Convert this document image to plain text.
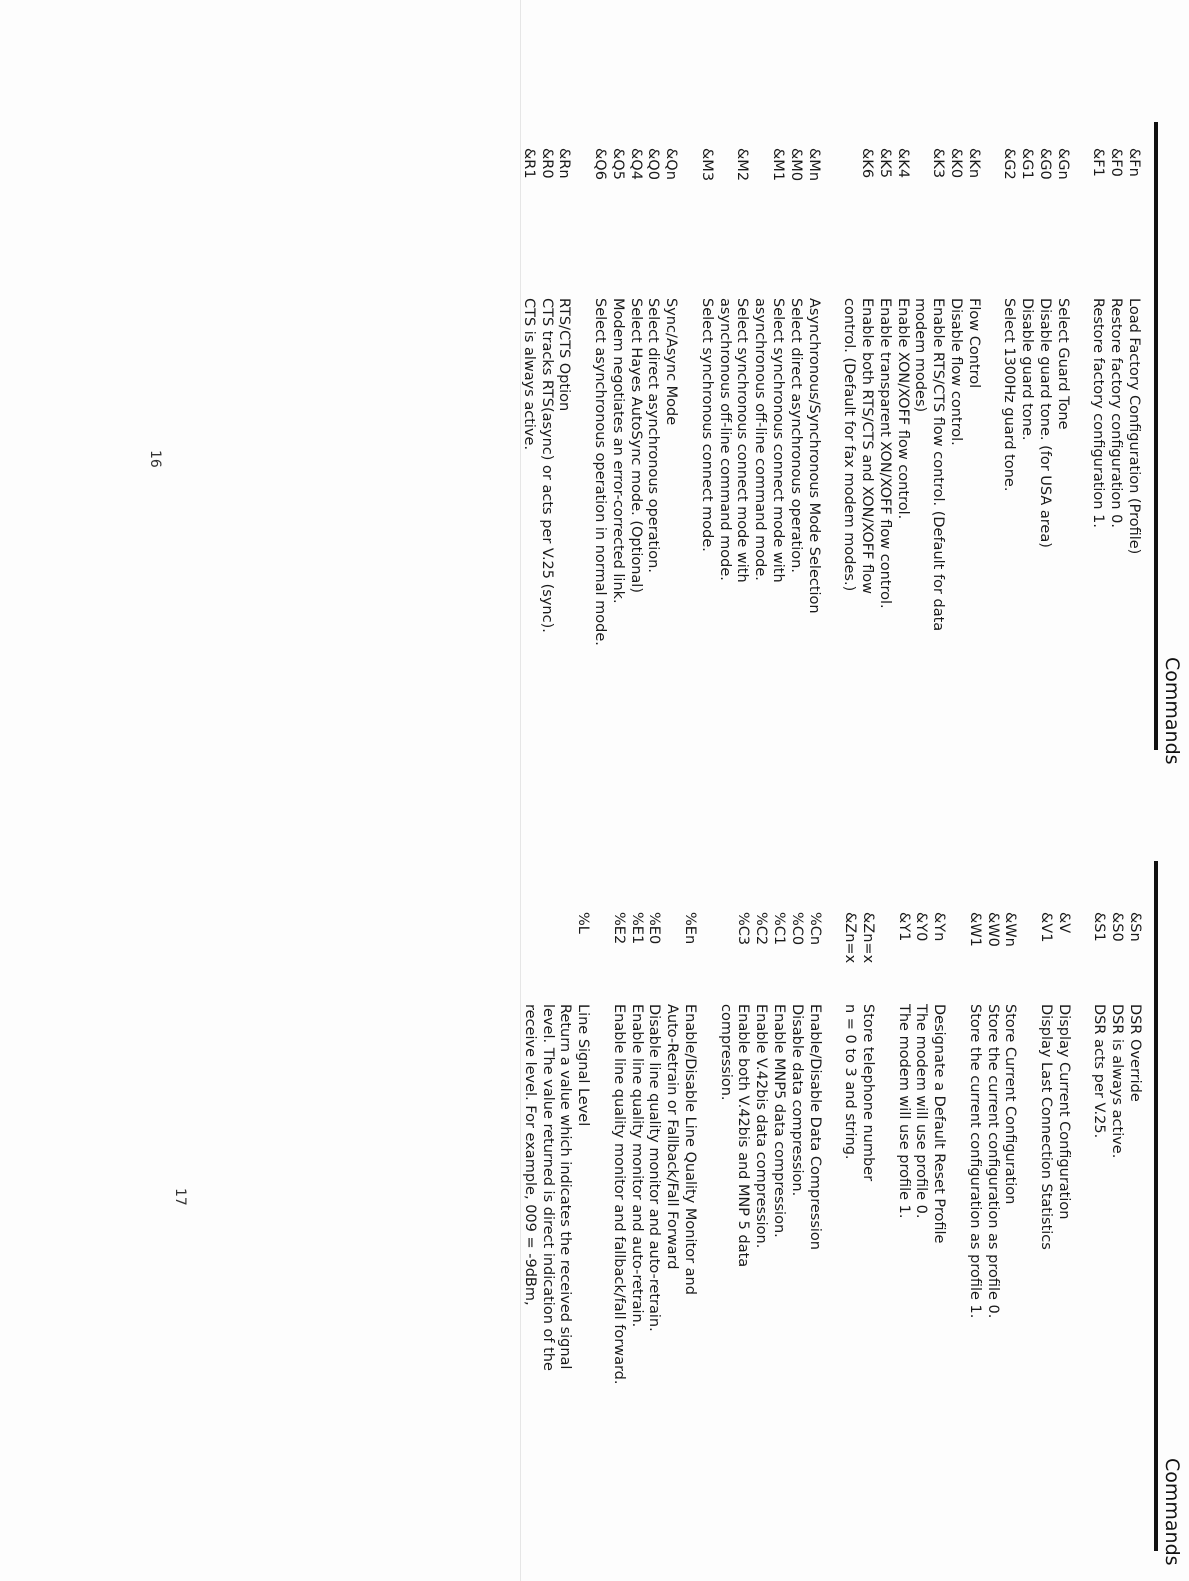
Commands
&Fn
Load Factory Configuration (Profile)
&F0
Restore factory configuration 0.
&F1
Restore factory configuration 1.
&Gn
Select Guard Tone
&G0
Disable guard tone. (for USA area)
&G1
Disable guard tone.
&G2
Select 1300Hz guard tone.
&Kn
Flow Control
&K0
Disable flow control.
&K3
Enable RTS/CTS flow control. (Default for data
modem modes)
&K4
Enable XON/XOFF flow control.
&K5
Enable transparent XON/XOFF flow control.
&K6
Enable both RTS/CTS and XON/XOFF flow
control. (Default for fax modem modes.)
&Mn
Asynchronous/Synchronous Mode Selection
&M0
Select direct asynchronous operation.
&M1
Select synchronous connect mode with
asynchronous off-line command mode.
&M2
Select synchronous connect mode with
asynchronous off-line command mode.
&M3
Select synchronous connect mode.
&Qn
Sync/Async Mode
&Q0
Select direct asynchronous operation.
&Q4
Select Hayes AutoSync mode. (Optional)
&Q5
Modem negotiates an error-corrected link.
&Q6
Select asynchronous operation in normal mode.
&Rn
RTS/CTS Option
&R0
CTS tracks RTS(async) or acts per V.25 (sync).
&R1
CTS is always active.
16
Commands
&Sn
DSR Override
&S0
DSR is always active.
&S1
DSR acts per V.25.
&V
Display Current Configuration
&V1
Display Last Connection Statistics
&Wn
Store Current Configuration
&W0
Store the current configuration as profile 0.
&W1
Store the current configuration as profile 1.
&Yn
Designate a Default Reset Profile
&Y0
The modem will use profile 0.
&Y1
The modem will use profile 1.
&Zn=x
Store telephone number
&Zn=x
n = 0 to 3 and string.
%Cn
Enable/Disable Data Compression
%C0
Disable data compression.
%C1
Enable MNP5 data compression.
%C2
Enable V.42bis data compression.
%C3
Enable both V.42bis and MNP 5 data
compression.
%En
Enable/Disable Line Quality Monitor and
Auto-Retrain or Fallback/Fall Forward
%E0
Disable line quality monitor and auto-retrain.
%E1
Enable line quality monitor and auto-retrain.
%E2
Enable line quality monitor and fallback/fall forward.
%L
Line Signal Level
Return a value which indicates the received signal
level. The value returned is direct indication of the
receive level. For example, 009 = -9dBm,
17
